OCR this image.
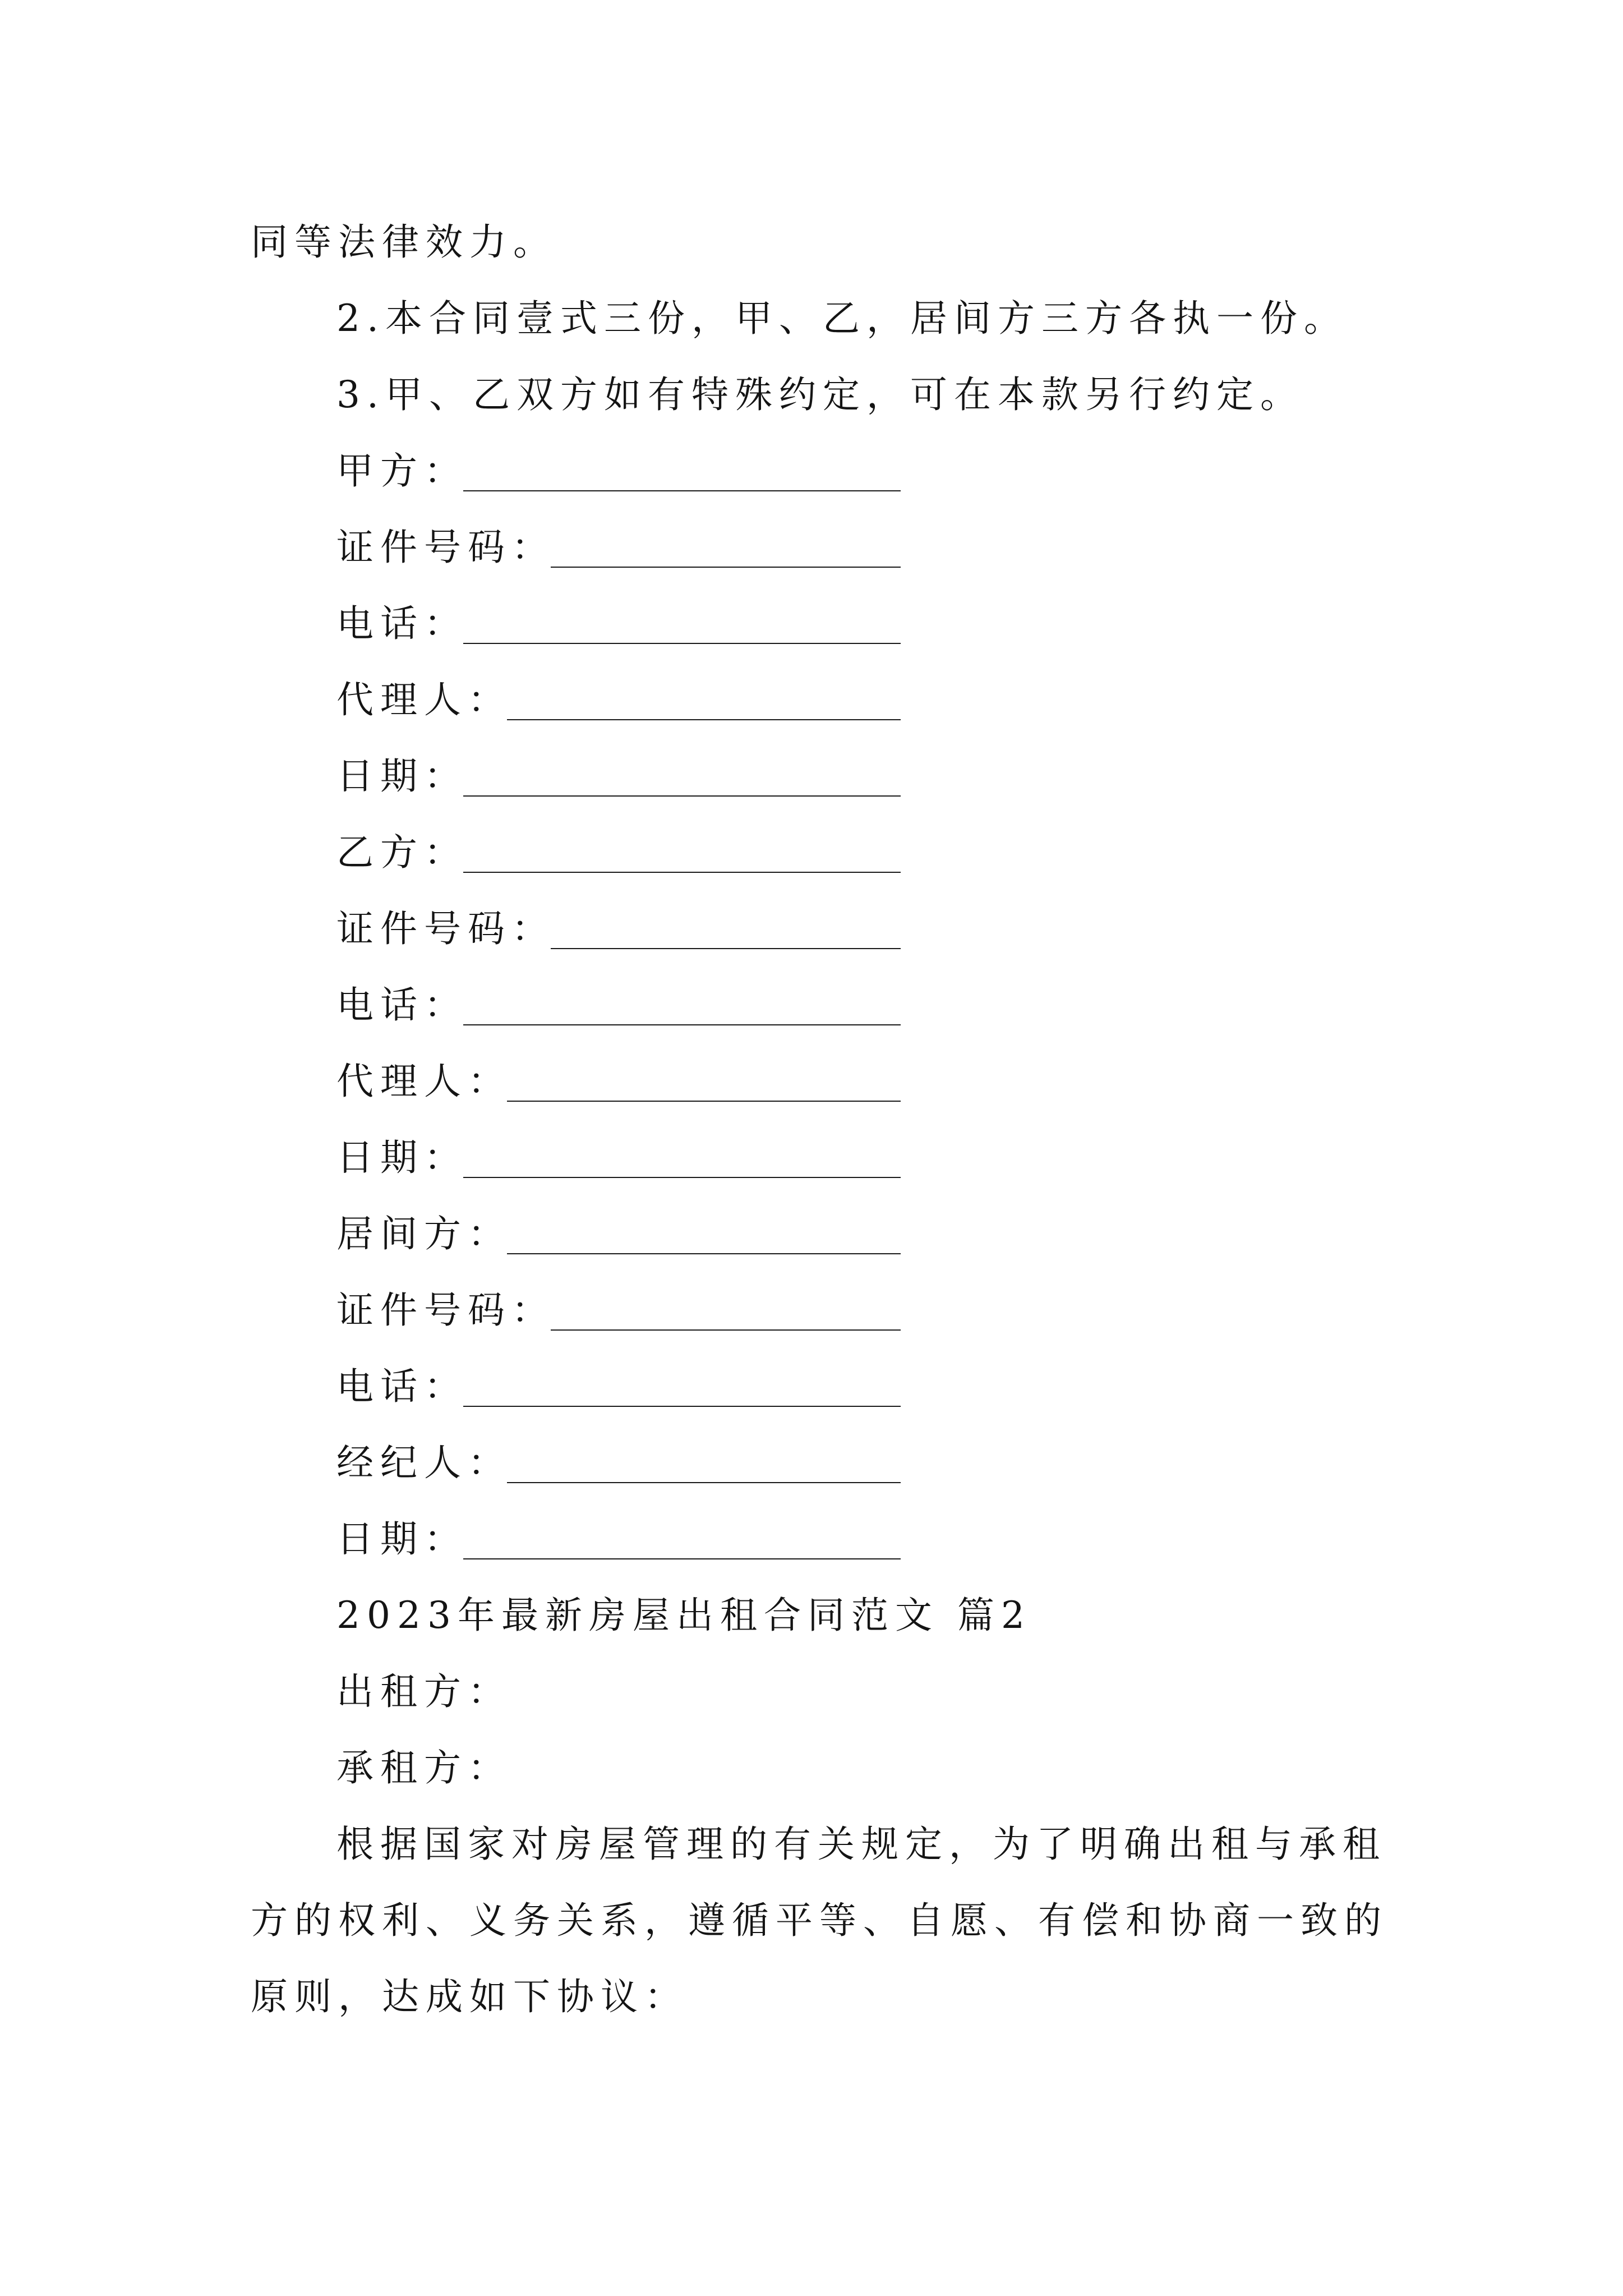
同等法律效力。
2.本合同壹式三份，甲、乙，居间方三方各执一份。
3.甲、乙双方如有特殊约定，可在本款另行约定。
甲方：
证件号码：
电话：
代理人：
日期：
乙方：
证件号码：
电话：
代理人：
日期：
居间方：
证件号码：
电话：
经纪人：
日期：
2023年最新房屋出租合同范文 篇2
出租方：
承租方：
根据国家对房屋管理的有关规定，为了明确出租与承租
方的权利、义务关系，遵循平等、自愿、有偿和协商一致的
原则，达成如下协议：
